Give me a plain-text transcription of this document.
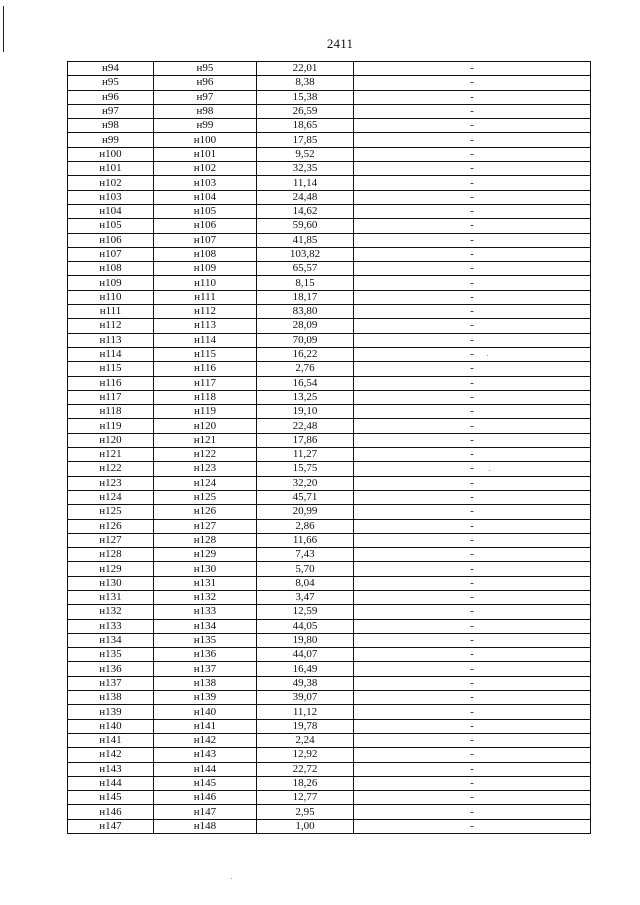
2411
н94	н95	22,01	-
н95	н96	8,38	-
н96	н97	15,38	-
н97	н98	26,59	-
н98	н99	18,65	-
н99	н100	17,85	-
н100	н101	9,52	-
н101	н102	32,35	-
н102	н103	11,14	-
н103	н104	24,48	-
н104	н105	14,62	-
н105	н106	59,60	-
н106	н107	41,85	-
н107	н108	103,82	-
н108	н109	65,57	-
н109	н110	8,15	-
н110	н111	18,17	-
н111	н112	83,80	-
н112	н113	28,09	-
н113	н114	70,09	-
н114	н115	16,22	-
н115	н116	2,76	-
н116	н117	16,54	-
н117	н118	13,25	-
н118	н119	19,10	-
н119	н120	22,48	-
н120	н121	17,86	-
н121	н122	11,27	-
н122	н123	15,75	-
н123	н124	32,20	-
н124	н125	45,71	-
н125	н126	20,99	-
н126	н127	2,86	-
н127	н128	11,66	-
н128	н129	7,43	-
н129	н130	5,70	-
н130	н131	8,04	-
н131	н132	3,47	-
н132	н133	12,59	-
н133	н134	44,05	-
н134	н135	19,80	-
н135	н136	44,07	-
н136	н137	16,49	-
н137	н138	49,38	-
н138	н139	39,07	-
н139	н140	11,12	-
н140	н141	19,78	-
н141	н142	2,24	-
н142	н143	12,92	-
н143	н144	22,72	-
н144	н145	18,26	-
н145	н146	12,77	-
н146	н147	2,95	-
н147	н148	1,00	-
